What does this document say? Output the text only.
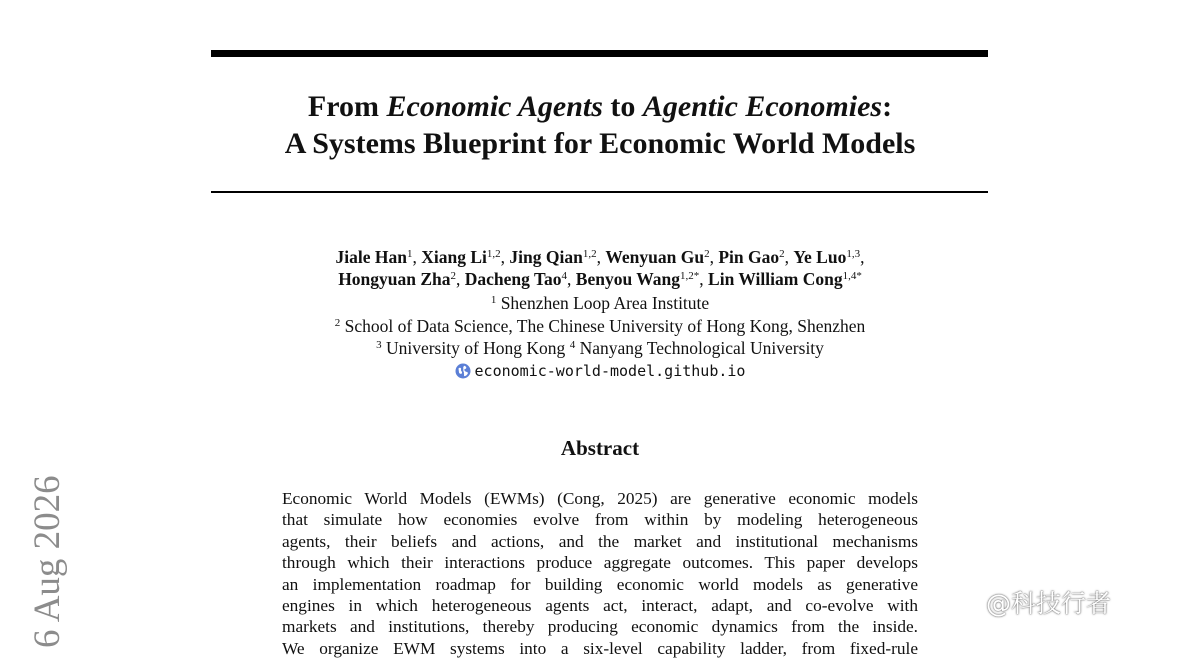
From Economic Agents to Agentic Economies:
A Systems Blueprint for Economic World Models
Jiale Han$^1$, Xiang Li$^{1,2}$, Jing Qian$^{1,2}$, Wenyuan Gu$^2$, Pin Gao$^2$, Ye Luo$^{1,3}$,
Hongyuan Zha$^2$, Dacheng Tao$^4$, Benyou Wang$^{1,2*}$, Lin William Cong$^{1,4*}$
$^1$ Shenzhen Loop Area Institute
$^2$ School of Data Science, The Chinese University of Hong Kong, Shenzhen
$^3$ University of Hong Kong $^4$ Nanyang Technological University
economic-world-model.github.io
Abstract
Economic World Models (EWMs) (Cong, 2025) are generative economic models
that simulate how economies evolve from within by modeling heterogeneous
agents, their beliefs and actions, and the market and institutional mechanisms
through which their interactions produce aggregate outcomes. This paper develops
an implementation roadmap for building economic world models as generative
engines in which heterogeneous agents act, interact, adapt, and co-evolve with
markets and institutions, thereby producing economic dynamics from the inside.
We organize EWM systems into a six-level capability ladder, from fixed-rule
6 Aug 2026	@科技行者
